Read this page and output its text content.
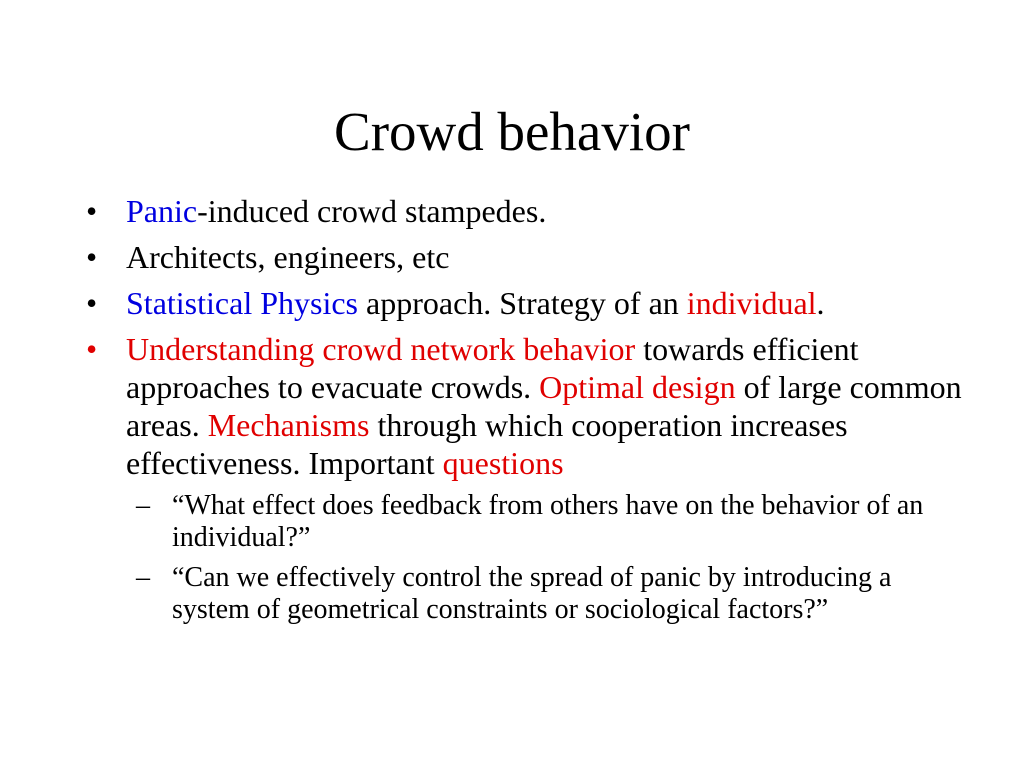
Crowd behavior
• Panic-induced crowd stampedes.
• Architects, engineers, etc
• Statistical Physics approach. Strategy of an individual.
• Understanding crowd network behavior towards efficient approaches to evacuate crowds. Optimal design of large common areas. Mechanisms through which cooperation increases effectiveness. Important questions
– “What effect does feedback from others have on the behavior of an individual?”
– “Can we effectively control the spread of panic by introducing a system of geometrical constraints or sociological factors?”
